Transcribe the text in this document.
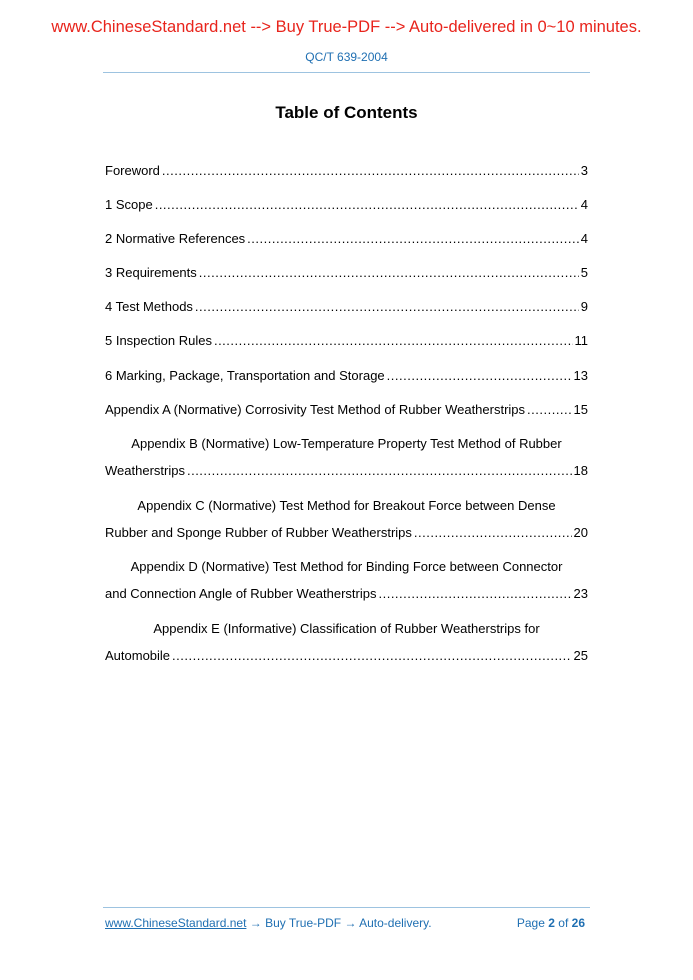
www.ChineseStandard.net --> Buy True-PDF --> Auto-delivered in 0~10 minutes.
QC/T 639-2004
Table of Contents
Foreword .....	3
1 Scope .....	4
2 Normative References .....	4
3 Requirements .....	5
4 Test Methods .....	9
5 Inspection Rules .....	11
6 Marking, Package, Transportation and Storage .....	13
Appendix A (Normative) Corrosivity Test Method of Rubber Weatherstrips .....	15
Appendix B (Normative) Low-Temperature Property Test Method of Rubber
Weatherstrips .....	18
Appendix C (Normative) Test Method for Breakout Force between Dense
Rubber and Sponge Rubber of Rubber Weatherstrips .....	20
Appendix D (Normative) Test Method for Binding Force between Connector
and Connection Angle of Rubber Weatherstrips .....	23
Appendix E (Informative) Classification of Rubber Weatherstrips for
Automobile .....	25
www.ChineseStandard.net → Buy True-PDF → Auto-delivery.	Page 2 of 26
